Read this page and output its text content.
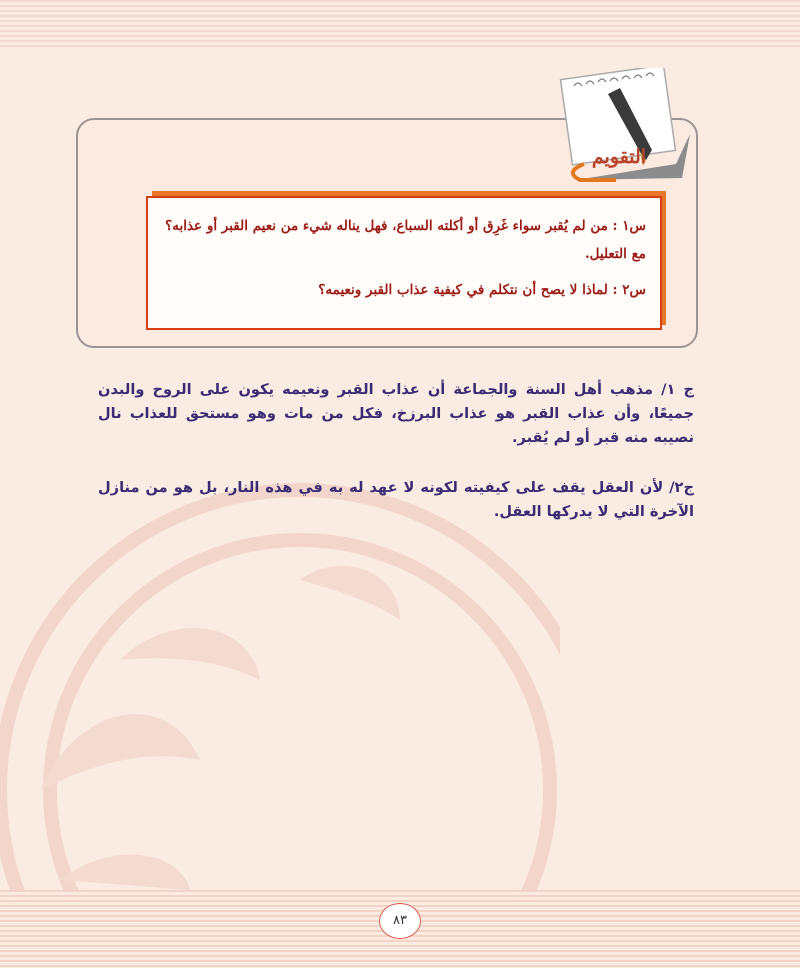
التقويم

س١ : من لم يُقبر سواء غَرِق أو أكلته السباع، فهل يناله شيء من نعيم القبر أو عذابه؟ مع التعليل.

س٢ : لماذا لا يصح أن نتكلم في كيفية عذاب القبر ونعيمه؟

ج ١/ مذهب أهل السنة والجماعة أن عذاب القبر ونعيمه يكون على الروح والبدن جميعًا، وأن عذاب القبر هو عذاب البرزخ، فكل من مات وهو مستحق للعذاب نال نصيبه منه قبر أو لم يُقبر.

ج٢/ لأن العقل يقف على كيفيته لكونه لا عهد له به في هذه النار، بل هو من منازل الآخرة التي لا يدركها العقل.

٨٣
